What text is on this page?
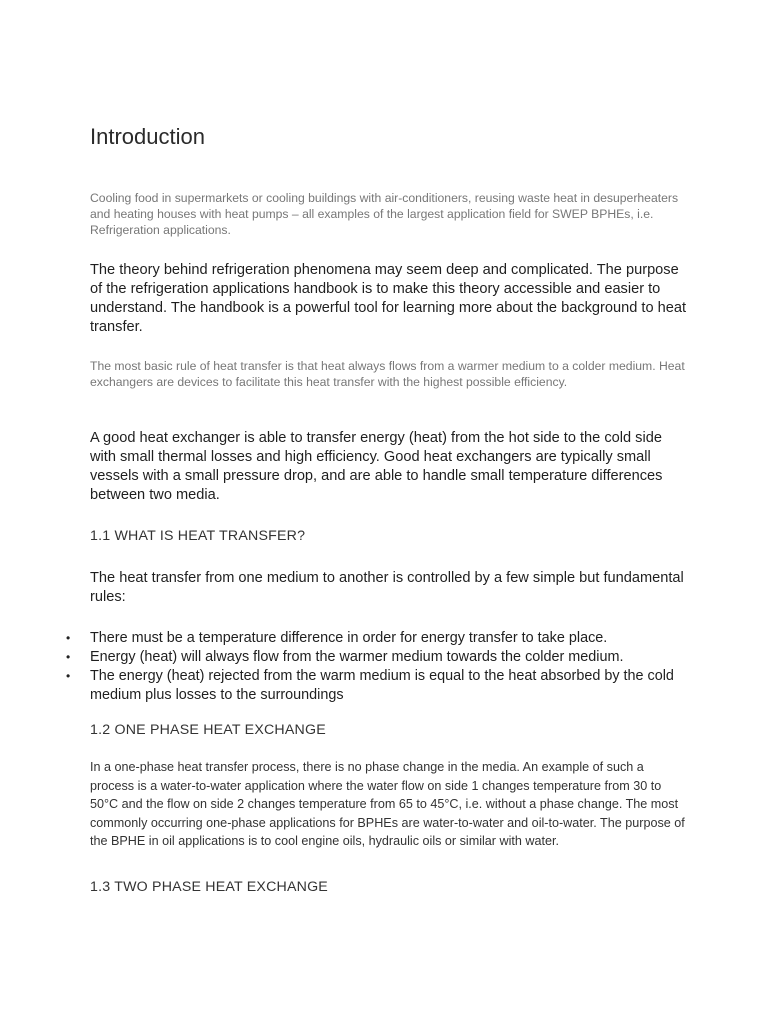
Introduction

Cooling food in supermarkets or cooling buildings with air-conditioners, reusing waste heat in desuperheaters and heating houses with heat pumps – all examples of the largest application field for SWEP BPHEs, i.e. Refrigeration applications.

The theory behind refrigeration phenomena may seem deep and complicated. The purpose of the refrigeration applications handbook is to make this theory accessible and easier to understand. The handbook is a powerful tool for learning more about the background to heat transfer.

The most basic rule of heat transfer is that heat always flows from a warmer medium to a colder medium. Heat exchangers are devices to facilitate this heat transfer with the highest possible efficiency.

A good heat exchanger is able to transfer energy (heat) from the hot side to the cold side with small thermal losses and high efficiency. Good heat exchangers are typically small vessels with a small pressure drop, and are able to handle small temperature differences between two media.

1.1 WHAT IS HEAT TRANSFER?

The heat transfer from one medium to another is controlled by a few simple but fundamental rules:

• There must be a temperature difference in order for energy transfer to take place.
• Energy (heat) will always flow from the warmer medium towards the colder medium.
• The energy (heat) rejected from the warm medium is equal to the heat absorbed by the cold medium plus losses to the surroundings
1.2 ONE PHASE HEAT EXCHANGE

In a one-phase heat transfer process, there is no phase change in the media. An example of such a process is a water-to-water application where the water flow on side 1 changes temperature from 30 to 50°C and the flow on side 2 changes temperature from 65 to 45°C, i.e. without a phase change. The most commonly occurring one-phase applications for BPHEs are water-to-water and oil-to-water. The purpose of the BPHE in oil applications is to cool engine oils, hydraulic oils or similar with water.

1.3 TWO PHASE HEAT EXCHANGE
